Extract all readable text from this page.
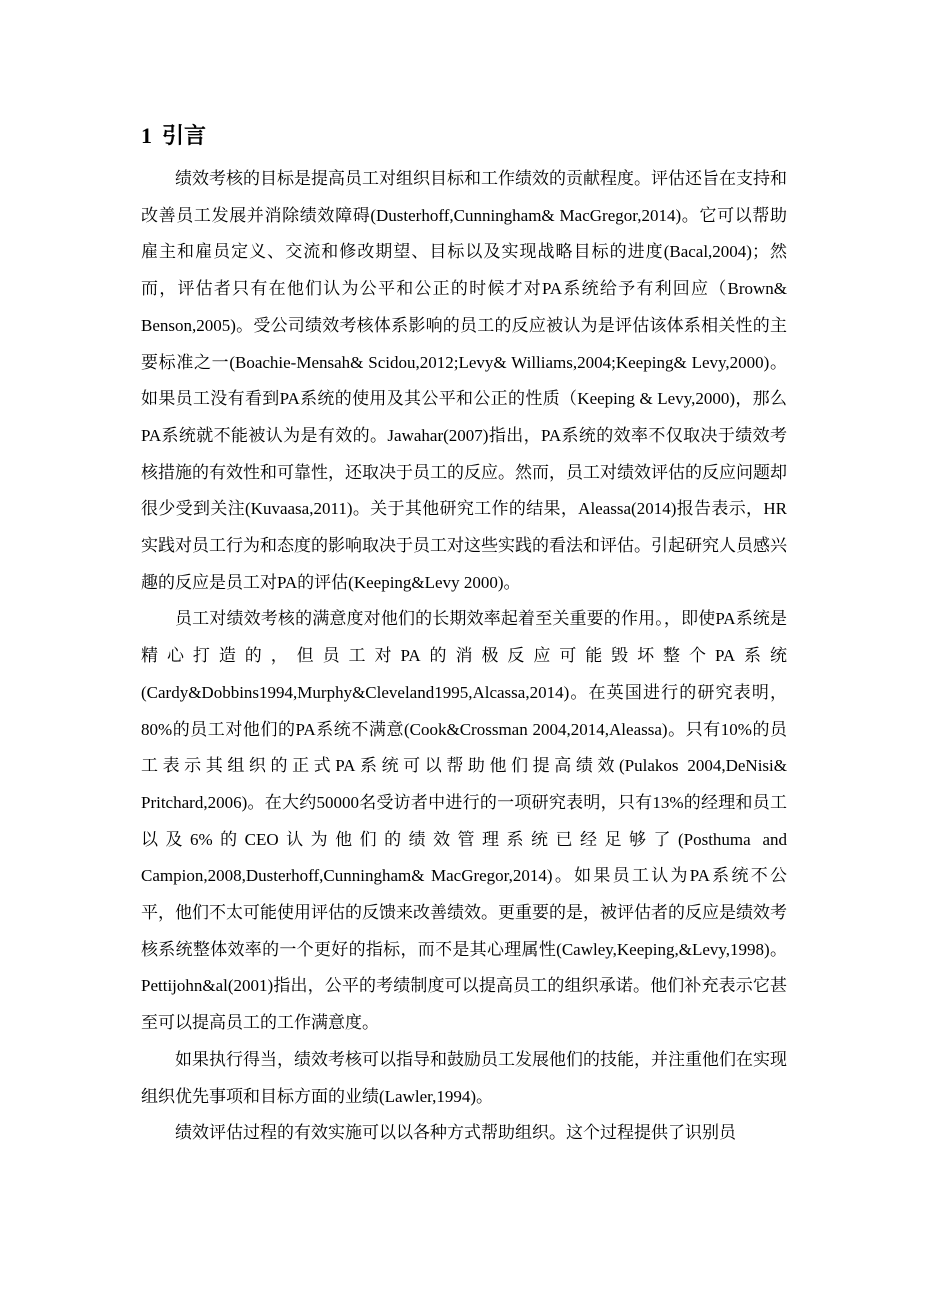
1 引言

绩效考核的目标是提高员工对组织目标和工作绩效的贡献程度。评估还旨在支持和改善员工发展并消除绩效障碍(Dusterhoff,Cunningham& MacGregor,2014)。它可以帮助雇主和雇员定义、交流和修改期望、目标以及实现战略目标的进度(Bacal,2004)；然而，评估者只有在他们认为公平和公正的时候才对PA系统给予有利回应（Brown& Benson,2005)。受公司绩效考核体系影响的员工的反应被认为是评估该体系相关性的主要标准之一(Boachie-Mensah& Scidou,2012;Levy& Williams,2004;Keeping& Levy,2000)。如果员工没有看到PA系统的使用及其公平和公正的性质（Keeping & Levy,2000)，那么PA系统就不能被认为是有效的。Jawahar(2007)指出，PA系统的效率不仅取决于绩效考核措施的有效性和可靠性，还取决于员工的反应。然而，员工对绩效评估的反应问题却很少受到关注(Kuvaasa,2011)。关于其他研究工作的结果，Aleassa(2014)报告表示，HR实践对员工行为和态度的影响取决于员工对这些实践的看法和评估。引起研究人员感兴趣的反应是员工对PA的评估(Keeping&Levy 2000)。

员工对绩效考核的满意度对他们的长期效率起着至关重要的作用。，即使PA系统是精心打造的，但员工对PA的消极反应可能毁坏整个PA系统(Cardy&Dobbins1994,Murphy&Cleveland1995,Alcassa,2014)。在英国进行的研究表明，80%的员工对他们的PA系统不满意(Cook&Crossman 2004,2014,Aleassa)。只有10%的员工表示其组织的正式PA系统可以帮助他们提高绩效(Pulakos 2004,DeNisi& Pritchard,2006)。在大约50000名受访者中进行的一项研究表明，只有13%的经理和员工以及6%的CEO认为他们的绩效管理系统已经足够了(Posthuma and Campion,2008,Dusterhoff,Cunningham& MacGregor,2014)。如果员工认为PA系统不公平，他们不太可能使用评估的反馈来改善绩效。更重要的是，被评估者的反应是绩效考核系统整体效率的一个更好的指标，而不是其心理属性(Cawley,Keeping,&Levy,1998)。Pettijohn&al(2001)指出，公平的考绩制度可以提高员工的组织承诺。他们补充表示它甚至可以提高员工的工作满意度。

如果执行得当，绩效考核可以指导和鼓励员工发展他们的技能，并注重他们在实现组织优先事项和目标方面的业绩(Lawler,1994)。

绩效评估过程的有效实施可以以各种方式帮助组织。这个过程提供了识别员
